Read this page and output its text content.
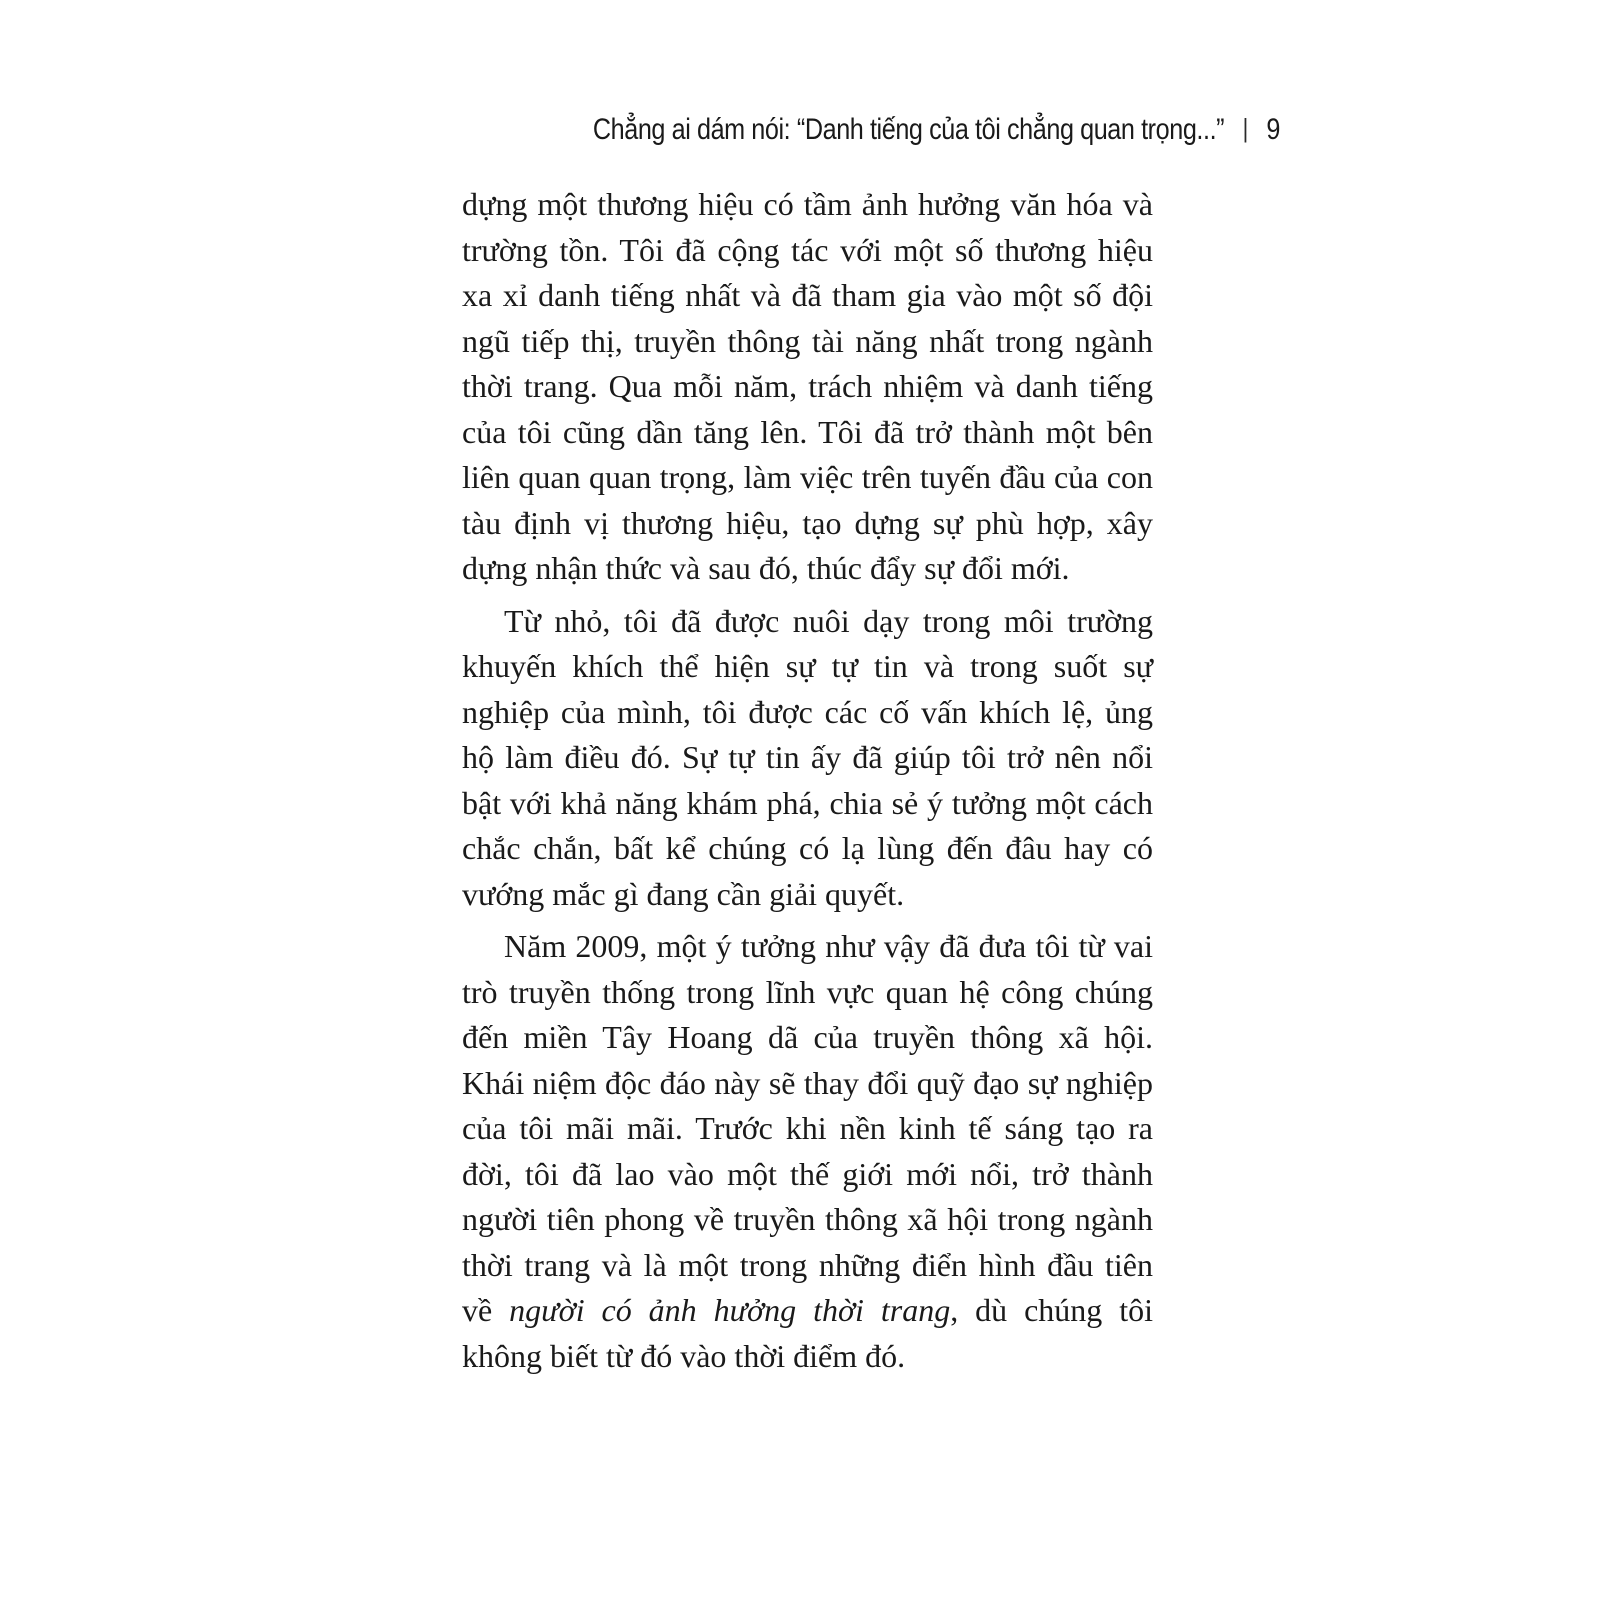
Chẳng ai dám nói: “Danh tiếng của tôi chẳng quan trọng...” | 9

dựng một thương hiệu có tầm ảnh hưởng văn hóa và trường tồn. Tôi đã cộng tác với một số thương hiệu xa xỉ danh tiếng nhất và đã tham gia vào một số đội ngũ tiếp thị, truyền thông tài năng nhất trong ngành thời trang. Qua mỗi năm, trách nhiệm và danh tiếng của tôi cũng dần tăng lên. Tôi đã trở thành một bên liên quan quan trọng, làm việc trên tuyến đầu của con tàu định vị thương hiệu, tạo dựng sự phù hợp, xây dựng nhận thức và sau đó, thúc đẩy sự đổi mới.

Từ nhỏ, tôi đã được nuôi dạy trong môi trường khuyến khích thể hiện sự tự tin và trong suốt sự nghiệp của mình, tôi được các cố vấn khích lệ, ủng hộ làm điều đó. Sự tự tin ấy đã giúp tôi trở nên nổi bật với khả năng khám phá, chia sẻ ý tưởng một cách chắc chắn, bất kể chúng có lạ lùng đến đâu hay có vướng mắc gì đang cần giải quyết.

Năm 2009, một ý tưởng như vậy đã đưa tôi từ vai trò truyền thống trong lĩnh vực quan hệ công chúng đến miền Tây Hoang dã của truyền thông xã hội. Khái niệm độc đáo này sẽ thay đổi quỹ đạo sự nghiệp của tôi mãi mãi. Trước khi nền kinh tế sáng tạo ra đời, tôi đã lao vào một thế giới mới nổi, trở thành người tiên phong về truyền thông xã hội trong ngành thời trang và là một trong những điển hình đầu tiên về người có ảnh hưởng thời trang, dù chúng tôi không biết từ đó vào thời điểm đó.
